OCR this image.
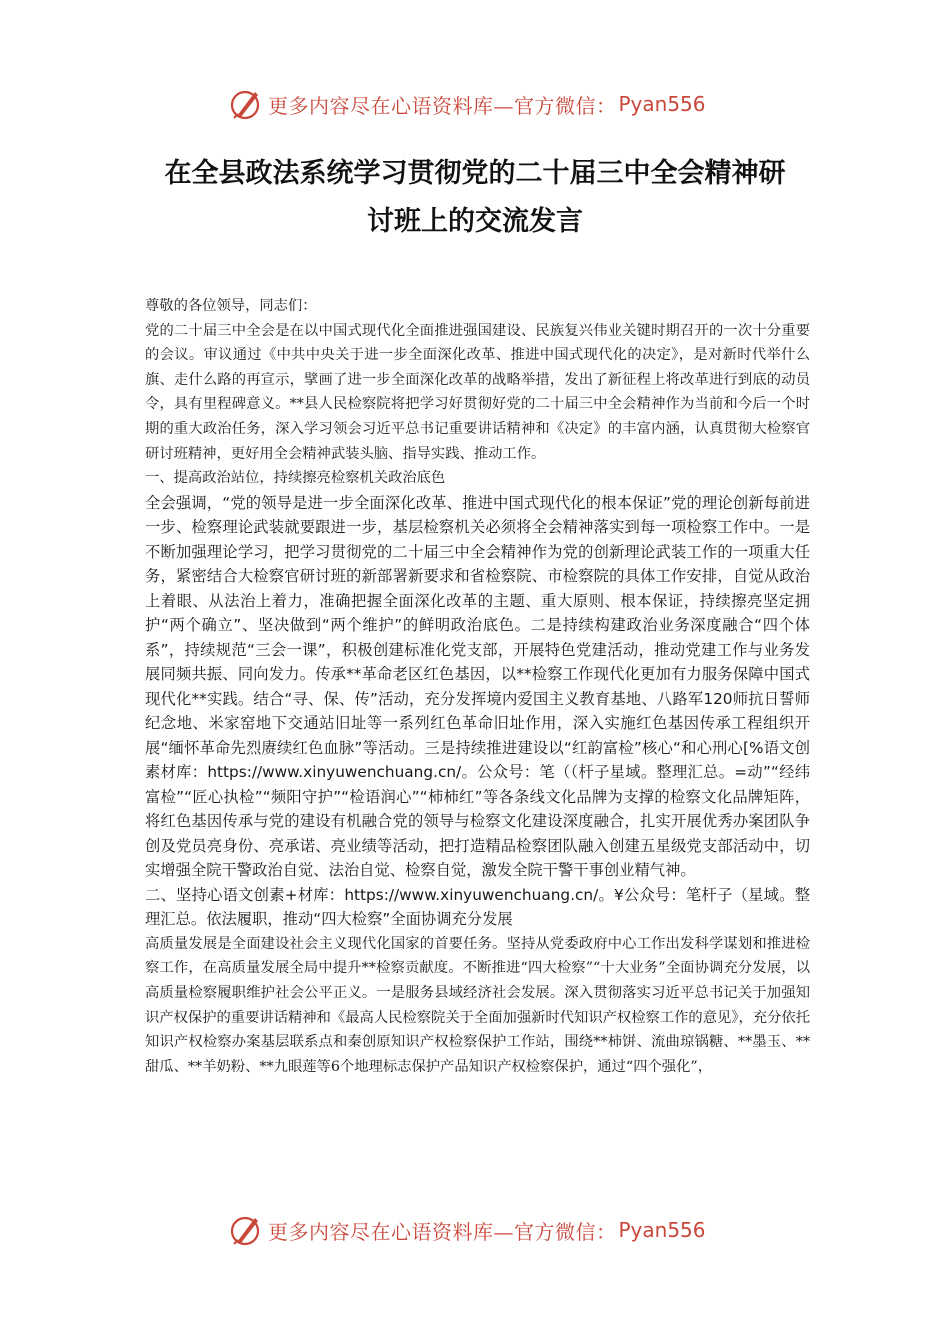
更多内容尽在心语资料库—官方微信： Pyan556
在全县政法系统学习贯彻党的二十届三中全会精神研
讨班上的交流发言

尊敬的各位领导，同志们：

党的二十届三中全会是在以中国式现代化全面推进强国建设、民族复兴伟业关键时期召开的一次十分重要的会议。审议通过《中共中央关于进一步全面深化改革、推进中国式现代化的决定》，是对新时代举什么旗、走什么路的再宣示，擘画了进一步全面深化改革的战略举措，发出了新征程上将改革进行到底的动员令，具有里程碑意义。**县人民检察院将把学习好贯彻好党的二十届三中全会精神作为当前和今后一个时期的重大政治任务，深入学习领会习近平总书记重要讲话精神和《决定》的丰富内涵，认真贯彻大检察官研讨班精神，更好用全会精神武装头脑、指导实践、推动工作。

一、提高政治站位，持续擦亮检察机关政治底色

全会强调，“党的领导是进一步全面深化改革、推进中国式现代化的根本保证”党的理论创新每前进一步、检察理论武装就要跟进一步，基层检察机关必须将全会精神落实到每一项检察工作中。一是不断加强理论学习，把学习贯彻党的二十届三中全会精神作为党的创新理论武装工作的一项重大任务，紧密结合大检察官研讨班的新部署新要求和省检察院、市检察院的具体工作安排，自觉从政治上着眼、从法治上着力，准确把握全面深化改革的主题、重大原则、根本保证，持续擦亮坚定拥护“两个确立”、坚决做到“两个维护”的鲜明政治底色。二是持续构建政治业务深度融合“四个体系”，持续规范“三会一课”，积极创建标准化党支部，开展特色党建活动，推动党建工作与业务发展同频共振、同向发力。传承**革命老区红色基因，以**检察工作现代化更加有力服务保障中国式现代化**实践。结合“寻、保、传”活动，充分发挥境内爱国主义教育基地、八路军120师抗日誓师纪念地、米家窑地下交通站旧址等一系列红色革命旧址作用，深入实施红色基因传承工程组织开展“缅怀革命先烈赓续红色血脉”等活动。三是持续推进建设以“红韵富检”核心“和心刑心[%语文创素材库：https://www.xinyuwenchuang.cn/。公众号：笔（（杆子星域。整理汇总。=动”“经纬富检”“匠心执检”“频阳守护”“检语润心”“柿柿红”等各条线文化品牌为支撑的检察文化品牌矩阵，将红色基因传承与党的建设有机融合党的领导与检察文化建设深度融合，扎实开展优秀办案团队争创及党员亮身份、亮承诺、亮业绩等活动，把打造精品检察团队融入创建五星级党支部活动中，切实增强全院干警政治自觉、法治自觉、检察自觉，激发全院干警干事创业精气神。

二、坚持心语文创素+材库：https://www.xinyuwenchuang.cn/。¥公众号：笔杆子（星域。整理汇总。依法履职，推动“四大检察”全面协调充分发展

高质量发展是全面建设社会主义现代化国家的首要任务。坚持从党委政府中心工作出发科学谋划和推进检察工作，在高质量发展全局中提升**检察贡献度。不断推进“四大检察”“十大业务”全面协调充分发展，以高质量检察履职维护社会公平正义。一是服务县域经济社会发展。深入贯彻落实习近平总书记关于加强知识产权保护的重要讲话精神和《最高人民检察院关于全面加强新时代知识产权检察工作的意见》，充分依托知识产权检察办案基层联系点和秦创原知识产权检察保护工作站，围绕**柿饼、流曲琼锅糖、**墨玉、**甜瓜、**羊奶粉、**九眼莲等6个地理标志保护产品知识产权检察保护，通过“四个强化”，

更多内容尽在心语资料库—官方微信： Pyan556
